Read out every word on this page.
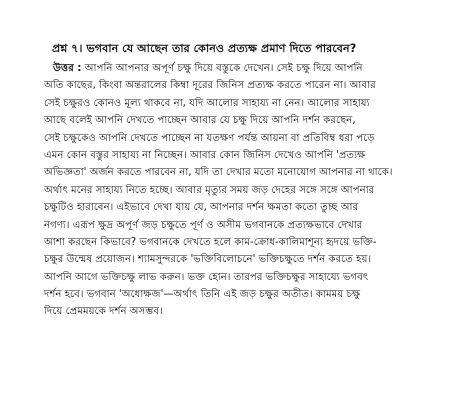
প্রশ্ন ৭। ভগবান যে আছেন তার কোনও প্রত্যক্ষ প্রমাণ দিতে পারবেন?
উত্তর : আপনি আপনার অপূর্ণ চক্ষু দিয়ে বস্তুকে দেখেন। সেই চক্ষু দিয়ে আপনি
অতি কাছের, কিংবা অন্তরালের কিম্বা দূরের জিনিস প্রত্যক্ষ করতে পারেন না। আবার
সেই চক্ষুরও কোনও মূল্য থাকবে না, যদি আলোর সাহায্য না নেন। আলোর সাহায্য
আছে বলেই আপনি দেখতে পাচ্ছেন আবার যে চক্ষু দিয়ে আপনি দর্শন করছেন,
সেই চক্ষুকেও আপনি দেখতে পাচ্ছেন না যতক্ষণ পর্যন্ত আয়না বা প্রতিবিম্ব ধরা পড়ে
এমন কোন বস্তুর সাহায্য না নিচ্ছেন। আবার কোন জিনিস দেখেও আপনি 'প্রত্যক্ষ
অভিজ্ঞতা' অর্জন করতে পারবেন না, যদি তা দেখার মতো মনোযোগ আপনার না থাকে।
অর্থাৎ মনের সাহায্য নিতে হচ্ছে। আবার মৃত্যুর সময় জড় দেহের সঙ্গে সঙ্গে আপনার
চক্ষুটিও হারাবেন। এইভাবে দেখা যায় যে, আপনার দর্শন ক্ষমতা কতো তুচ্ছ আর
নগণ্য। এরূপ ক্ষুদ্র অপূর্ণ জড় চক্ষুতে পূর্ণ ও অসীম ভগবানকে প্রত্যক্ষভাবে দেখার
আশা করছেন কিভাবে? ভগবানকে দেখতে হলে কাম-ক্রোধ-কালিমাশূন্য হৃদয়ে ভক্তি-
চক্ষুর উন্মেষ প্রয়োজন। শ্যামসুন্দরকে 'ভক্তিবিলোচনে' ভক্তিচক্ষুতে দর্শন করতে হয়।
আপনি আগে ভক্তিচক্ষু লাভ করুন। ভক্ত হোন। তারপর ভক্তিচক্ষুর সাহায্যে ভগবৎ
দর্শন হবে। ভগবান 'অধোক্ষজ'—অর্থাৎ তিনি এই জড় চক্ষুর অতীত। কামময় চক্ষু
দিয়ে প্রেমময়কে দর্শন অসম্ভব।
